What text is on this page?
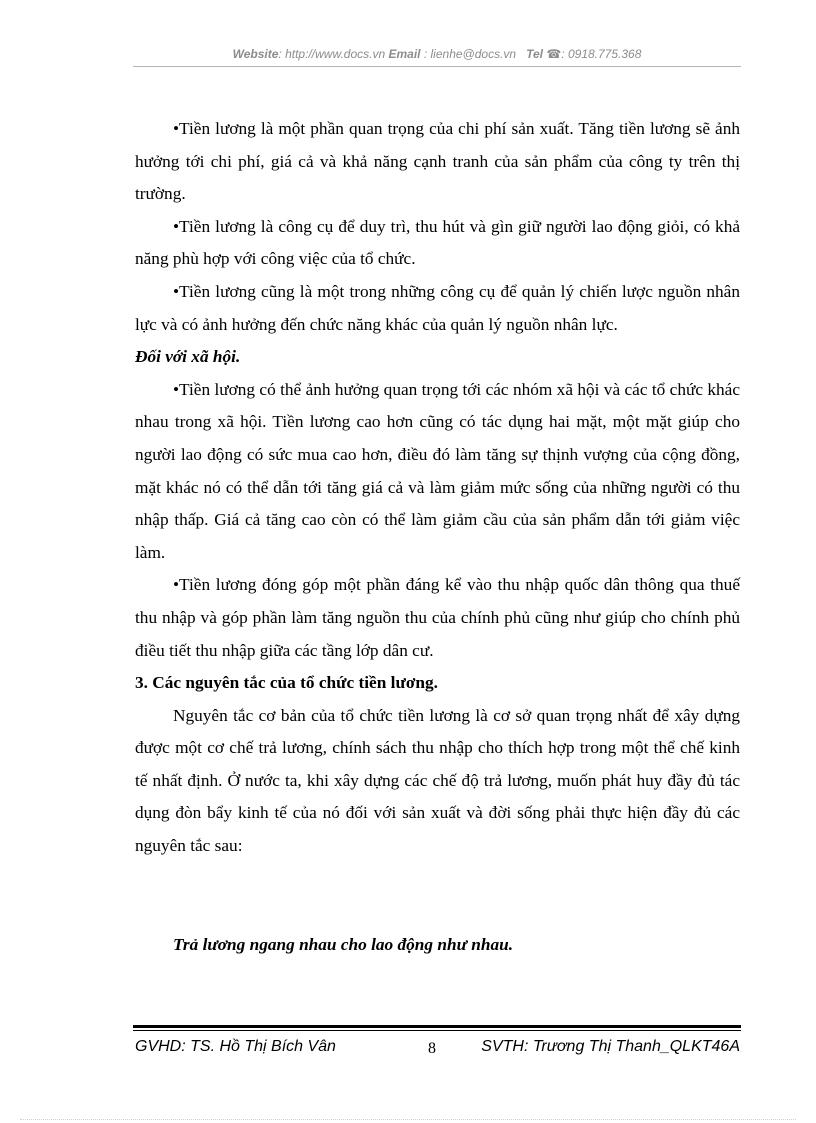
Website: http://www.docs.vn Email : lienhe@docs.vn Tel ☎: 0918.775.368

•Tiền lương là một phần quan trọng của chi phí sản xuất. Tăng tiền lương sẽ ảnh hưởng tới chi phí, giá cả và khả năng cạnh tranh của sản phẩm của công ty trên thị trường.

•Tiền lương là công cụ để duy trì, thu hút và gìn giữ người lao động giỏi, có khả năng phù hợp với công việc của tổ chức.

•Tiền lương cũng là một trong những công cụ để quản lý chiến lược nguồn nhân lực và có ảnh hưởng đến chức năng khác của quản lý nguồn nhân lực.

Đối với xã hội.

•Tiền lương có thể ảnh hưởng quan trọng tới các nhóm xã hội và các tổ chức khác nhau trong xã hội. Tiền lương cao hơn cũng có tác dụng hai mặt, một mặt giúp cho người lao động có sức mua cao hơn, điều đó làm tăng sự thịnh vượng của cộng đồng, mặt khác nó có thể dẫn tới tăng giá cả và làm giảm mức sống của những người có thu nhập thấp. Giá cả tăng cao còn có thể làm giảm cầu của sản phẩm dẫn tới giảm việc làm.

•Tiền lương đóng góp một phần đáng kể vào thu nhập quốc dân thông qua thuế thu nhập và góp phần làm tăng nguồn thu của chính phủ cũng như giúp cho chính phủ điều tiết thu nhập giữa các tầng lớp dân cư.

3. Các nguyên tắc của tổ chức tiền lương.

Nguyên tắc cơ bản của tổ chức tiền lương là cơ sở quan trọng nhất để xây dựng được một cơ chế trả lương, chính sách thu nhập cho thích hợp trong một thể chế kinh tế nhất định. Ở nước ta, khi xây dựng các chế độ trả lương, muốn phát huy đầy đủ tác dụng đòn bẩy kinh tế của nó đối với sản xuất và đời sống phải thực hiện đầy đủ các nguyên tắc sau:

Trả lương ngang nhau cho lao động như nhau.

GVHD: TS. Hồ Thị Bích Vân	8	SVTH: Trương Thị Thanh_QLKT46A
